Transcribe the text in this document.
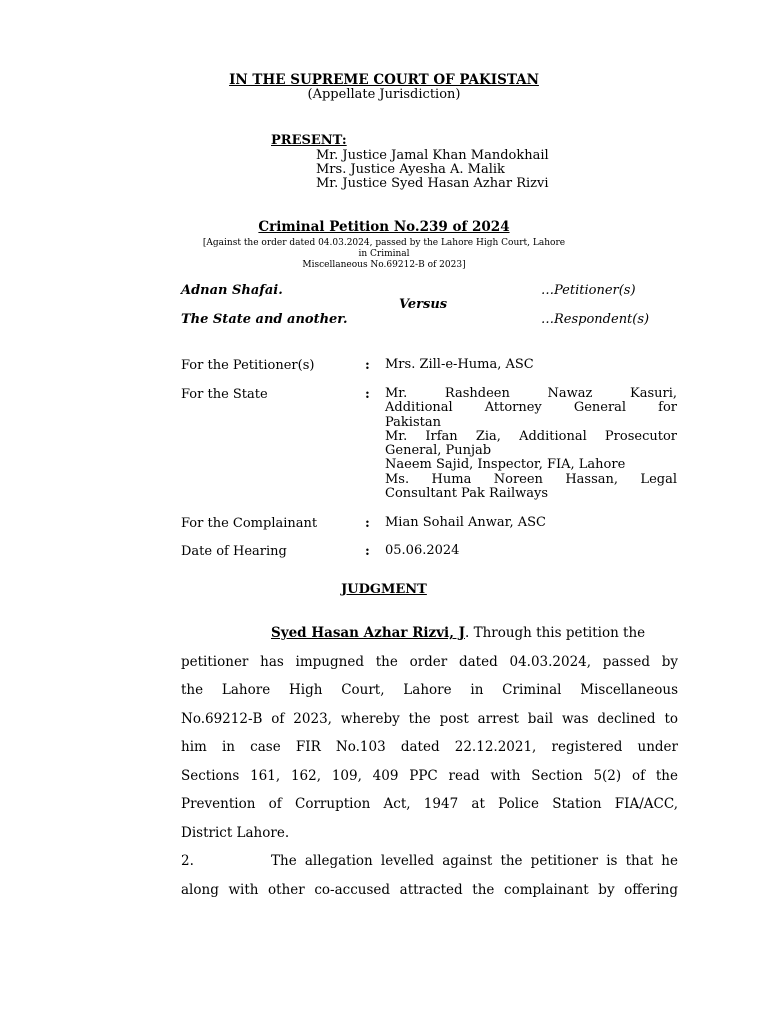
IN THE SUPREME COURT OF PAKISTAN
(Appellate Jurisdiction)
PRESENT:
Mr. Justice Jamal Khan Mandokhail
Mrs. Justice Ayesha A. Malik
Mr. Justice Syed Hasan Azhar Rizvi
Criminal Petition No.239 of 2024
[Against the order dated 04.03.2024, passed by the Lahore High Court, Lahore in Criminal
Miscellaneous No.69212-B of 2023]
Adnan Shafai.	…Petitioner(s)
Versus
The State and another.	…Respondent(s)
For the Petitioner(s)	: Mrs. Zill-e-Huma, ASC
For the State	: Mr. Rashdeen Nawaz Kasuri,
Additional Attorney General for
Pakistan
Mr. Irfan Zia, Additional Prosecutor
General, Punjab
Naeem Sajid, Inspector, FIA, Lahore
Ms. Huma Noreen Hassan, Legal
Consultant Pak Railways
For the Complainant	: Mian Sohail Anwar, ASC
Date of Hearing	: 05.06.2024
JUDGMENT
Syed Hasan Azhar Rizvi, J. Through this petition the
petitioner has impugned the order dated 04.03.2024, passed by
the Lahore High Court, Lahore in Criminal Miscellaneous
No.69212-B of 2023, whereby the post arrest bail was declined to
him in case FIR No.103 dated 22.12.2021, registered under
Sections 161, 162, 109, 409 PPC read with Section 5(2) of the
Prevention of Corruption Act, 1947 at Police Station FIA/ACC,
District Lahore.
2.	The allegation levelled against the petitioner is that he
along with other co-accused attracted the complainant by offering
